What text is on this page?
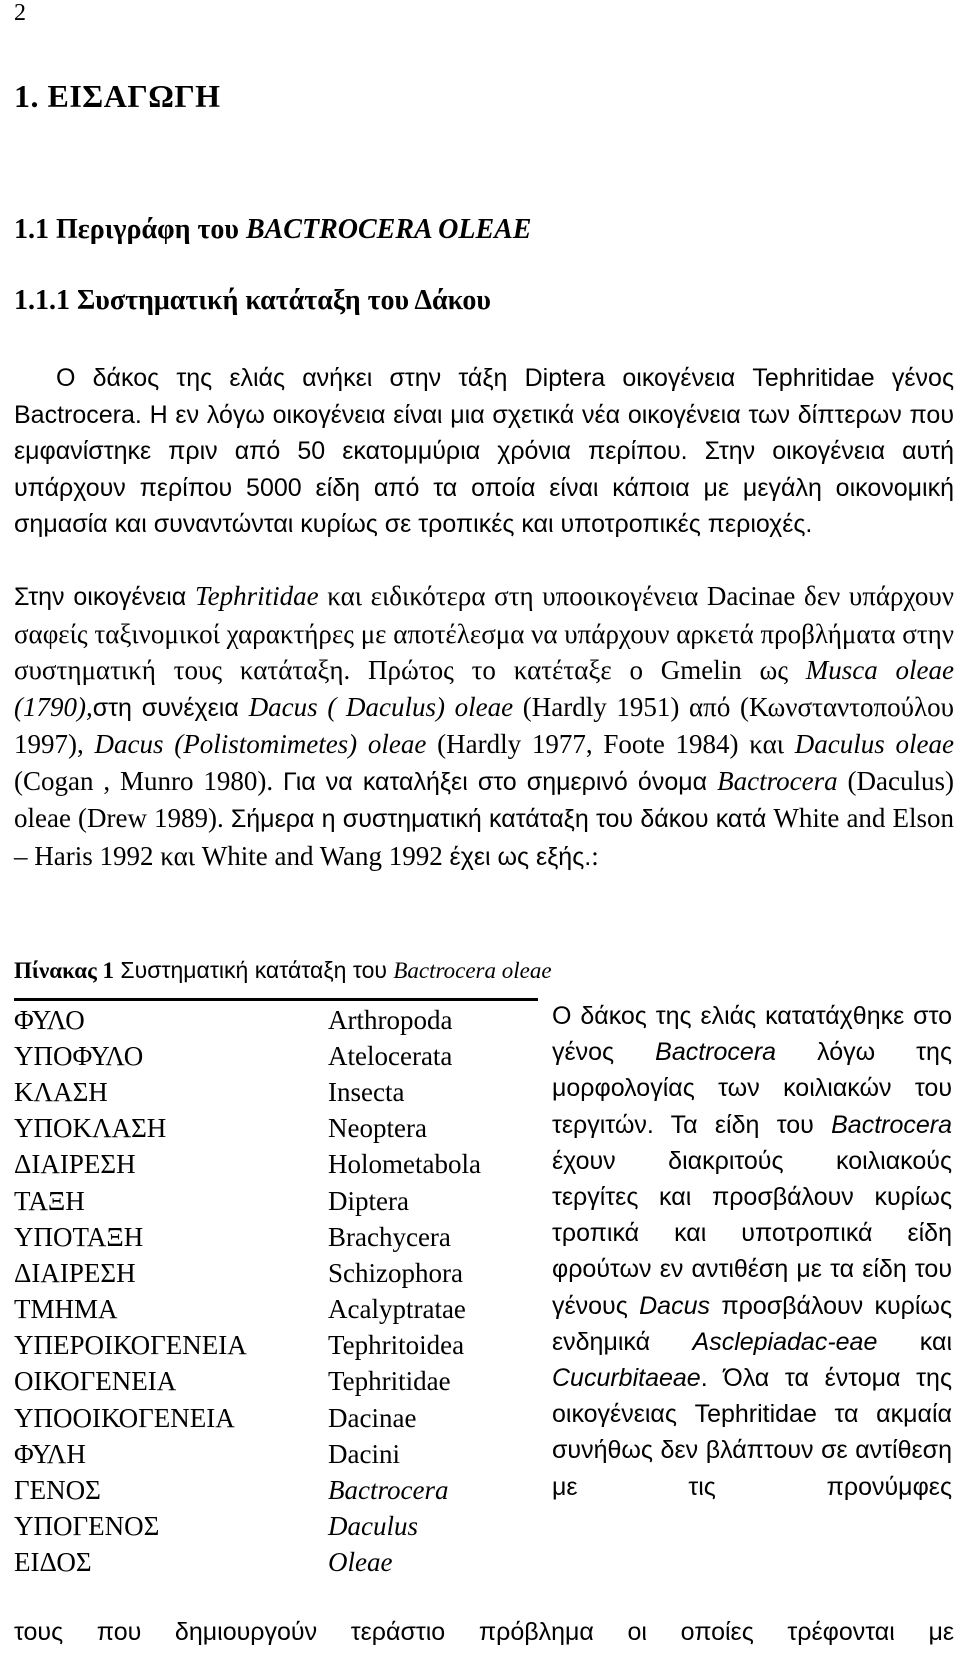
2
1. ΕΙΣΑΓΩΓΗ
1.1 Περιγράφη του BACTROCERA OLEAE
1.1.1 Συστηματική κατάταξη του Δάκου
Ο δάκος της ελιάς ανήκει στην τάξη Diptera οικογένεια Tephritidae γένος Bactrocera. Η εν λόγω οικογένεια είναι μια σχετικά νέα οικογένεια των δίπτερων που εμφανίστηκε πριν από 50 εκατομμύρια χρόνια περίπου. Στην οικογένεια αυτή υπάρχουν περίπου 5000 είδη από τα οποία είναι κάποια με μεγάλη οικονομική σημασία και συναντώνται κυρίως σε τροπικές και υποτροπικές περιοχές.
Στην οικογένεια Tephritidae και ειδικότερα στη υποοικογένεια Dacinae δεν υπάρχουν σαφείς ταξινομικοί χαρακτήρες με αποτέλεσμα να υπάρχουν αρκετά προβλήματα στην συστηματική τους κατάταξη. Πρώτος το κατέταξε ο Gmelin ως Musca oleae (1790),στη συνέχεια Dacus ( Daculus) oleae (Hardly 1951) από (Κωνσταντοπούλου 1997), Dacus (Polistomimetes) oleae (Hardly 1977, Foote 1984) και Daculus oleae (Cogan , Munro 1980). Για να καταλήξει στο σημερινό όνομα Bactrocera (Daculus) oleae (Drew 1989). Σήμερα η συστηματική κατάταξη του δάκου κατά White and Elson – Haris 1992 και White and Wang 1992 έχει ως εξής.:
Πίνακας 1 Συστηματική κατάταξη του Bactrocera oleae
ΦΥΛΟ	Arthropoda
ΥΠΟΦΥΛΟ	Atelocerata
ΚΛΑΣΗ	Insecta
ΥΠΟΚΛΑΣΗ	Neoptera
ΔΙΑΙΡΕΣΗ	Holometabola
ΤΑΞΗ	Diptera
ΥΠΟΤΑΞΗ	Brachycera
ΔΙΑΙΡΕΣΗ	Schizophora
ΤΜΗΜΑ	Acalyptratae
ΥΠΕΡΟΙΚΟΓΕΝΕΙΑ	Tephritoidea
ΟΙΚΟΓΕΝΕΙΑ	Tephritidae
ΥΠΟΟΙΚΟΓΕΝΕΙΑ	Dacinae
ΦΥΛΗ	Dacini
ΓΕΝΟΣ	Bactrocera
ΥΠΟΓΕΝΟΣ	Daculus
ΕΙΔΟΣ	Oleae
Ο δάκος της ελιάς κατατάχθηκε στο γένος Bactrocera λόγω της μορφολογίας των κοιλιακών του τεργιτών. Τα είδη του Bactrocera έχουν διακριτούς κοιλιακούς τεργίτες και προσβάλουν κυρίως τροπικά και υποτροπικά είδη φρούτων εν αντιθέση με τα είδη του γένους Dacus προσβάλουν κυρίως ενδημικά Asclepiadac-eae και Cucurbitaeae. Όλα τα έντομα της οικογένειας Tephritidae τα ακμαία συνήθως δεν βλάπτουν σε αντίθεση με τις προνύμφες
τους που δημιουργούν τεράστιο πρόβλημα οι οποίες τρέφονται με
